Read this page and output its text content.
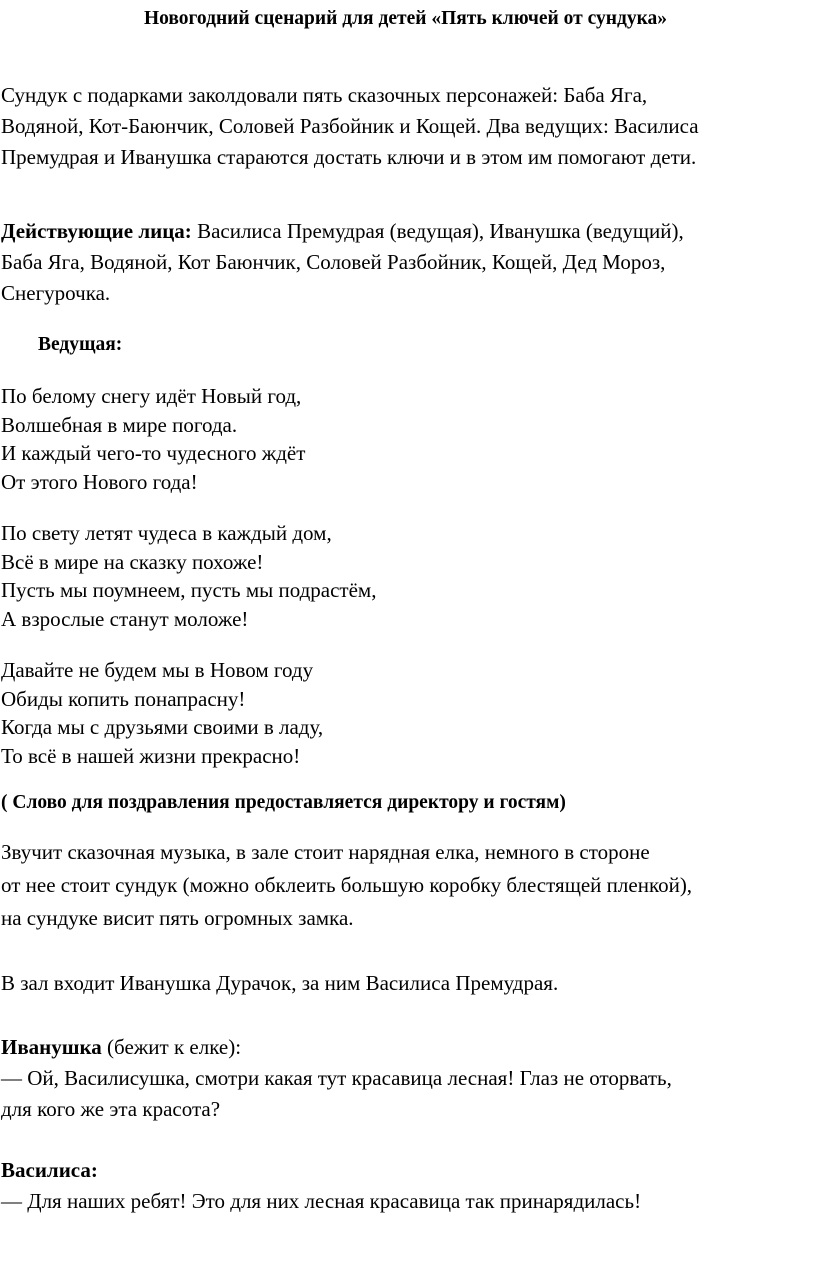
Новогодний сценарий для детей «Пять ключей от сундука»

Сундук с подарками заколдовали пять сказочных персонажей: Баба Яга,

Водяной, Кот-Баюнчик, Соловей Разбойник и Кощей. Два ведущих: Василиса

Премудрая и Иванушка стараются достать ключи и в этом им помогают дети.

Действующие лица: Василиса Премудрая (ведущая), Иванушка (ведущий),

Баба Яга, Водяной, Кот Баюнчик, Соловей Разбойник, Кощей, Дед Мороз,

Снегурочка.

Ведущая:

По белому снегу идёт Новый год,

Волшебная в мире погода.

И каждый чего-то чудесного ждёт

От этого Нового года!

По свету летят чудеса в каждый дом,

Всё в мире на сказку похоже!

Пусть мы поумнеем, пусть мы подрастём,

А взрослые станут моложе!

Давайте не будем мы в Новом году

Обиды копить понапрасну!

Когда мы с друзьями своими в ладу,

То всё в нашей жизни прекрасно!

( Слово для поздравления предоставляется директору и гостям)

Звучит сказочная музыка, в зале стоит нарядная елка, немного в стороне

от нее стоит сундук (можно обклеить большую коробку блестящей пленкой),

на сундуке висит пять огромных замка.

В зал входит Иванушка Дурачок, за ним Василиса Премудрая.

Иванушка (бежит к елке):

— Ой, Василисушка, смотри какая тут красавица лесная! Глаз не оторвать,

для кого же эта красота?

Василиса:

— Для наших ребят! Это для них лесная красавица так принарядилась!
